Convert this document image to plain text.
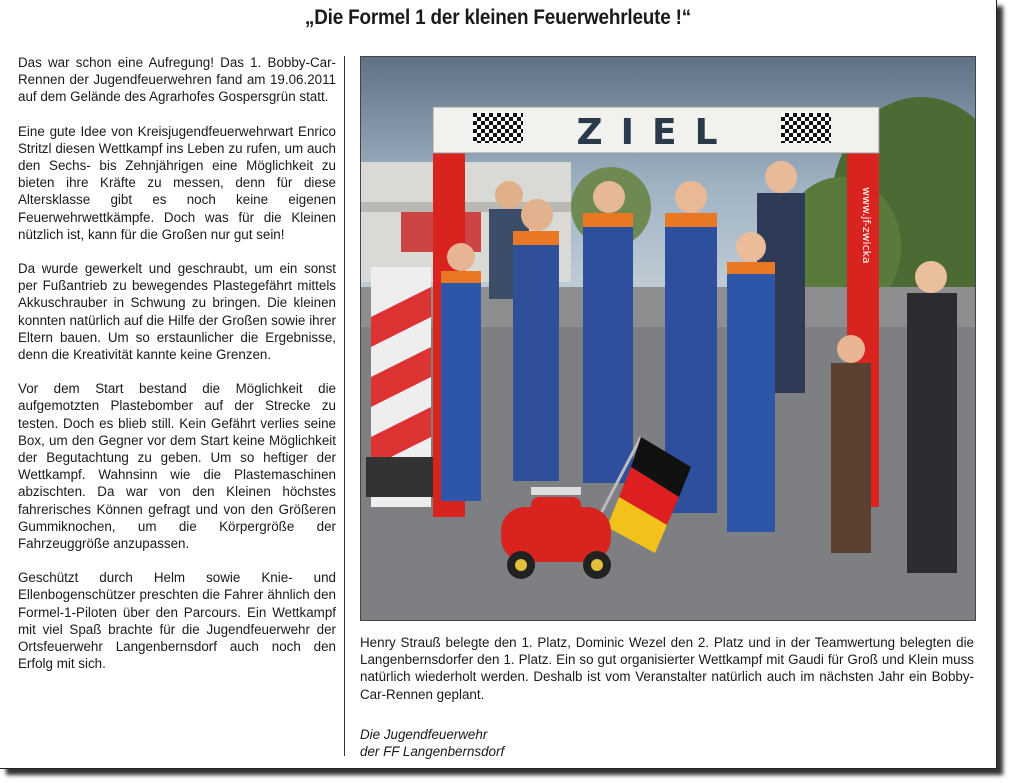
„Die Formel 1 der kleinen Feuerwehrleute !“

Das war schon eine Aufregung! Das 1. Bobby-Car-Rennen der Jugendfeuerwehren fand am 19.06.2011 auf dem Gelände des Agrarhofes Gospersgrün statt.

Eine gute Idee von Kreisjugendfeuerwehrwart Enrico Stritzl diesen Wettkampf ins Leben zu rufen, um auch den Sechs- bis Zehnjährigen eine Möglichkeit zu bieten ihre Kräfte zu messen, denn für diese Altersklasse gibt es noch keine eigenen Feuerwehrwettkämpfe. Doch was für die Kleinen nützlich ist, kann für die Großen nur gut sein!

Da wurde gewerkelt und geschraubt, um ein sonst per Fußantrieb zu bewegendes Plastegefährt mittels Akkuschrauber in Schwung zu bringen. Die kleinen konnten natürlich auf die Hilfe der Großen sowie ihrer Eltern bauen. Um so erstaunlicher die Ergebnisse, denn die Kreativität kannte keine Grenzen.

Vor dem Start bestand die Möglichkeit die aufgemotzten Plastebomber auf der Strecke zu testen. Doch es blieb still. Kein Gefährt verlies seine Box, um den Gegner vor dem Start keine Möglichkeit der Begutachtung zu geben. Um so heftiger der Wettkampf. Wahnsinn wie die Plastemaschinen abzischten. Da war von den Kleinen höchstes fahrerisches Können gefragt und von den Größeren Gummiknochen, um die Körpergröße der Fahrzeuggröße anzupassen.

Geschützt durch Helm sowie Knie- und Ellenbogenschützer preschten die Fahrer ähnlich den Formel-1-Piloten über den Parcours. Ein Wettkampf mit viel Spaß brachte für die Jugendfeuerwehr der Ortsfeuerwehr Langenbernsdorf auch noch den Erfolg mit sich.

www.jf-zwicka
ZIEL
Henry Strauß belegte den 1. Platz, Dominic Wezel den 2. Platz und in der Teamwertung belegten die Langenbernsdorfer den 1. Platz. Ein so gut organisierter Wettkampf mit Gaudi für Groß und Klein muss natürlich wiederholt werden. Deshalb ist vom Veranstalter natürlich auch im nächsten Jahr ein Bobby-Car-Rennen geplant.
Die Jugendfeuerwehr
der FF Langenbernsdorf
